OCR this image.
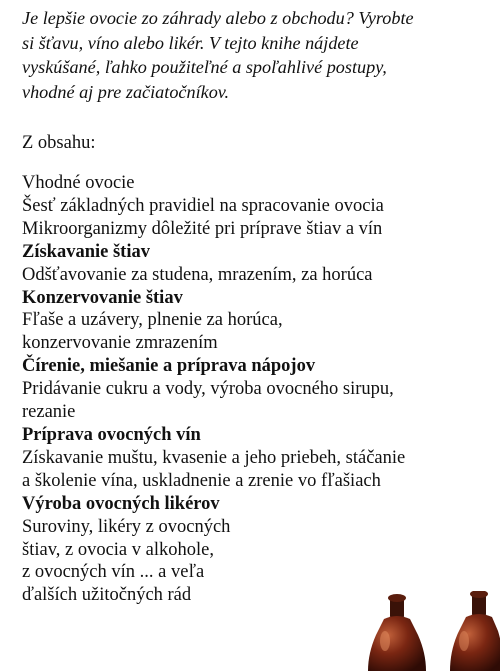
Je lepšie ovocie zo záhrady alebo z obchodu? Vyrobte
si šťavu, víno alebo likér. V tejto knihe nájdete
vyskúšané, ľahko použiteľné a spoľahlivé postupy,
vhodné aj pre začiatočníkov.

Z obsahu:

Vhodné ovocie
Šesť základných pravidiel na spracovanie ovocia
Mikroorganizmy dôležité pri príprave štiav a vín
Získavanie štiav
Odšťavovanie za studena, mrazením, za horúca
Konzervovanie štiav
Fľaše a uzávery, plnenie za horúca,
konzervovanie zmrazením
Čírenie, miešanie a príprava nápojov
Pridávanie cukru a vody, výroba ovocného sirupu,
rezanie
Príprava ovocných vín
Získavanie muštu, kvasenie a jeho priebeh, stáčanie
a školenie vína, uskladnenie a zrenie vo fľašiach
Výroba ovocných likérov
Suroviny, likéry z ovocných
štiav, z ovocia v alkohole,
z ovocných vín ... a veľa
ďalších užitočných rád
